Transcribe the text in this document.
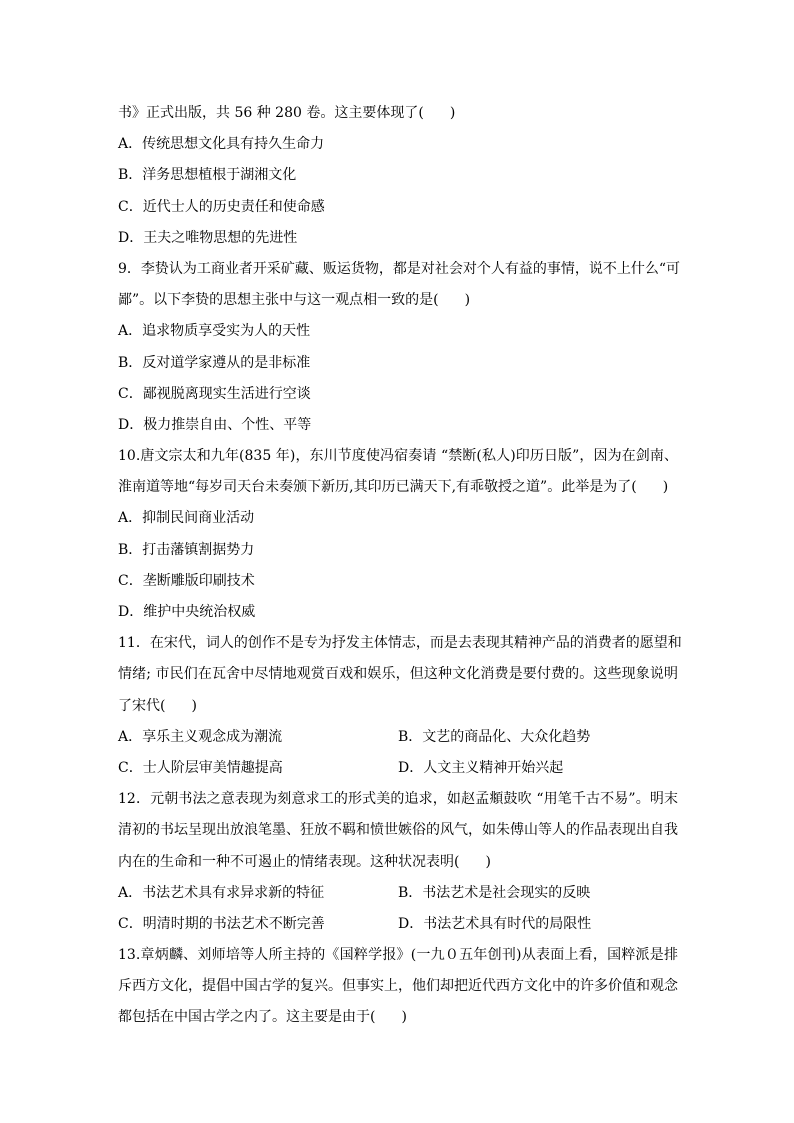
书》正式出版，共 56 种 280 卷。这主要体现了( )
A．传统思想文化具有持久生命力
B．洋务思想植根于湖湘文化
C．近代士人的历史责任和使命感
D．王夫之唯物思想的先进性
9．李贽认为工商业者开采矿藏、贩运货物，都是对社会对个人有益的事情，说不上什么“可
鄙”。以下李贽的思想主张中与这一观点相一致的是( )
A．追求物质享受实为人的天性
B．反对道学家遵从的是非标准
C．鄙视脱离现实生活进行空谈
D．极力推崇自由、个性、平等
10.唐文宗太和九年(835 年)，东川节度使冯宿奏请 “禁断(私人)印历日版”，因为在剑南、
淮南道等地“每岁司天台未奏颁下新历,其印历已满天下,有乖敬授之道”。此举是为了( )
A．抑制民间商业活动
B．打击藩镇割据势力
C．垄断雕版印刷技术
D．维护中央统治权威
11．在宋代，词人的创作不是专为抒发主体情志，而是去表现其精神产品的消费者的愿望和
情绪; 市民们在瓦舍中尽情地观赏百戏和娱乐，但这种文化消费是要付费的。这些现象说明
了宋代( )
A．享乐主义观念成为潮流	B．文艺的商品化、大众化趋势
C．士人阶层审美情趣提高	D．人文主义精神开始兴起
12．元朝书法之意表现为刻意求工的形式美的追求，如赵孟頫鼓吹 “用笔千古不易”。明末
清初的书坛呈现出放浪笔墨、狂放不羁和愤世嫉俗的风气，如朱傅山等人的作品表现出自我
内在的生命和一种不可遏止的情绪表现。这种状况表明( )
A．书法艺术具有求异求新的特征	B．书法艺术是社会现实的反映
C．明清时期的书法艺术不断完善	D．书法艺术具有时代的局限性
13.章炳麟、刘师培等人所主持的《国粹学报》(一九０五年创刊)从表面上看，国粹派是排
斥西方文化，提倡中国古学的复兴。但事实上，他们却把近代西方文化中的许多价值和观念
都包括在中国古学之内了。这主要是由于( )
